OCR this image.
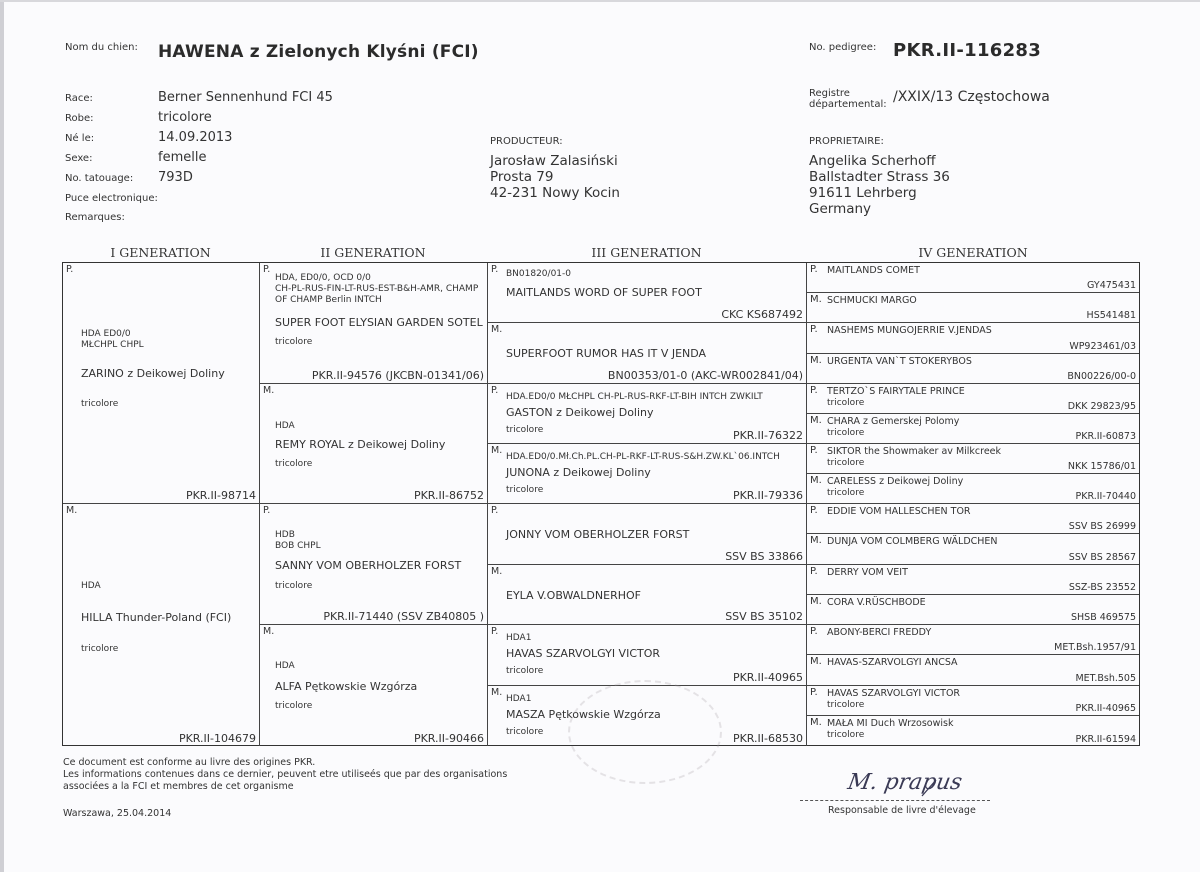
Nom du chien: HAWENA z Zielonych Klyśni (FCI)	No. pedigree: PKR.II-116283
Registre
départemental: /XXIX/13 Częstochowa
Race:	Berner Sennenhund FCI 45
Robe:	tricolore
Né le:	14.09.2013
Sexe:	femelle
No. tatouage: 793D
Puce electronique:
Remarques:
PRODUCTEUR:
Jarosław Zalasiński
Prosta 79
42-231 Nowy Kocin
PROPRIETAIRE:
Angelika Scherhoff
Ballstadter Strass 36
91611 Lehrberg
Germany
I GENERATION	II GENERATION	III GENERATION	IV GENERATION
P.
HDA ED0/0
MŁCHPL CHPL
ZARINO z Deikowej Doliny
tricolore
PKR.II-98714
M.
HDA
HILLA Thunder-Poland (FCI)
tricolore
PKR.II-104679
P.
HDA, ED0/0, OCD 0/0
CH-PL-RUS-FIN-LT-RUS-EST-B&H-AMR, CHAMP
OF CHAMP Berlin INTCH
SUPER FOOT ELYSIAN GARDEN SOTEL
tricolore
PKR.II-94576 (JKCBN-01341/06)
M.
HDA
REMY ROYAL z Deikowej Doliny
tricolore
PKR.II-86752
P.
HDB
BOB CHPL
SANNY VOM OBERHOLZER FORST
tricolore
PKR.II-71440 (SSV ZB40805 )
M.
HDA
ALFA Pętkowskie Wzgórza
tricolore
PKR.II-90466
P. BN01820/01-0
MAITLANDS WORD OF SUPER FOOT
CKC KS687492
M.
SUPERFOOT RUMOR HAS IT V JENDA
BN00353/01-0 (AKC-WR002841/04)
P.
HDA.ED0/0 MŁCHPL CH-PL-RUS-RKF-LT-BIH INTCH ZWKILT
GASTON z Deikowej Doliny
tricolore	PKR.II-76322
M.
HDA.ED0/0.Mł.Ch.PL.CH-PL-RKF-LT-RUS-S&H.ZW.KL`06.INTCH
JUNONA z Deikowej Doliny
tricolore	PKR.II-79336
P.
JONNY VOM OBERHOLZER FORST
SSV BS 33866
M.
EYLA V.OBWALDNERHOF
SSV BS 35102
P.
HDA1
HAVAS SZARVOLGYI VICTOR
tricolore	PKR.II-40965
M.
HDA1
MASZA Pętkowskie Wzgórza
tricolore	PKR.II-68530
P. MAITLANDS COMET
GY475431
M. SCHMUCKI MARGO
HS541481
P. NASHEMS MUNGOJERRIE V.JENDAS
WP923461/03
M. URGENTA VAN`T STOKERYBOS
BN00226/00-0
P. TERTZO`S FAIRYTALE PRINCE
tricolore	DKK 29823/95
M. CHARA z Gemerskej Polomy
tricolore	PKR.II-60873
P. SIKTOR the Showmaker av Milkcreek
tricolore	NKK 15786/01
M. CARELESS z Deikowej Doliny
tricolore	PKR.II-70440
P. EDDIE VOM HALLESCHEN TOR
SSV BS 26999
M. DUNJA VOM COLMBERG WÄLDCHEN
SSV BS 28567
P. DERRY VOM VEIT
SSZ-BS 23552
M. CORA V.RÜSCHBODE
SHSB 469575
P. ABONY-BERCI FREDDY
MET.Bsh.1957/91
M. HAVAS-SZARVOLGYI ANCSA
MET.Bsh.505
P. HAVAS SZARVOLGYI VICTOR
tricolore	PKR.II-40965
M. MAŁA MI Duch Wrzosowisk
tricolore	PKR.II-61594
Ce document est conforme au livre des origines PKR.
Les informations contenues dans ce dernier, peuvent etre utiliseés que par des organisations
associées a la FCI et membres de cet organisme
Warszawa, 25.04.2014
M. prapus
Responsable de livre d'élevage
